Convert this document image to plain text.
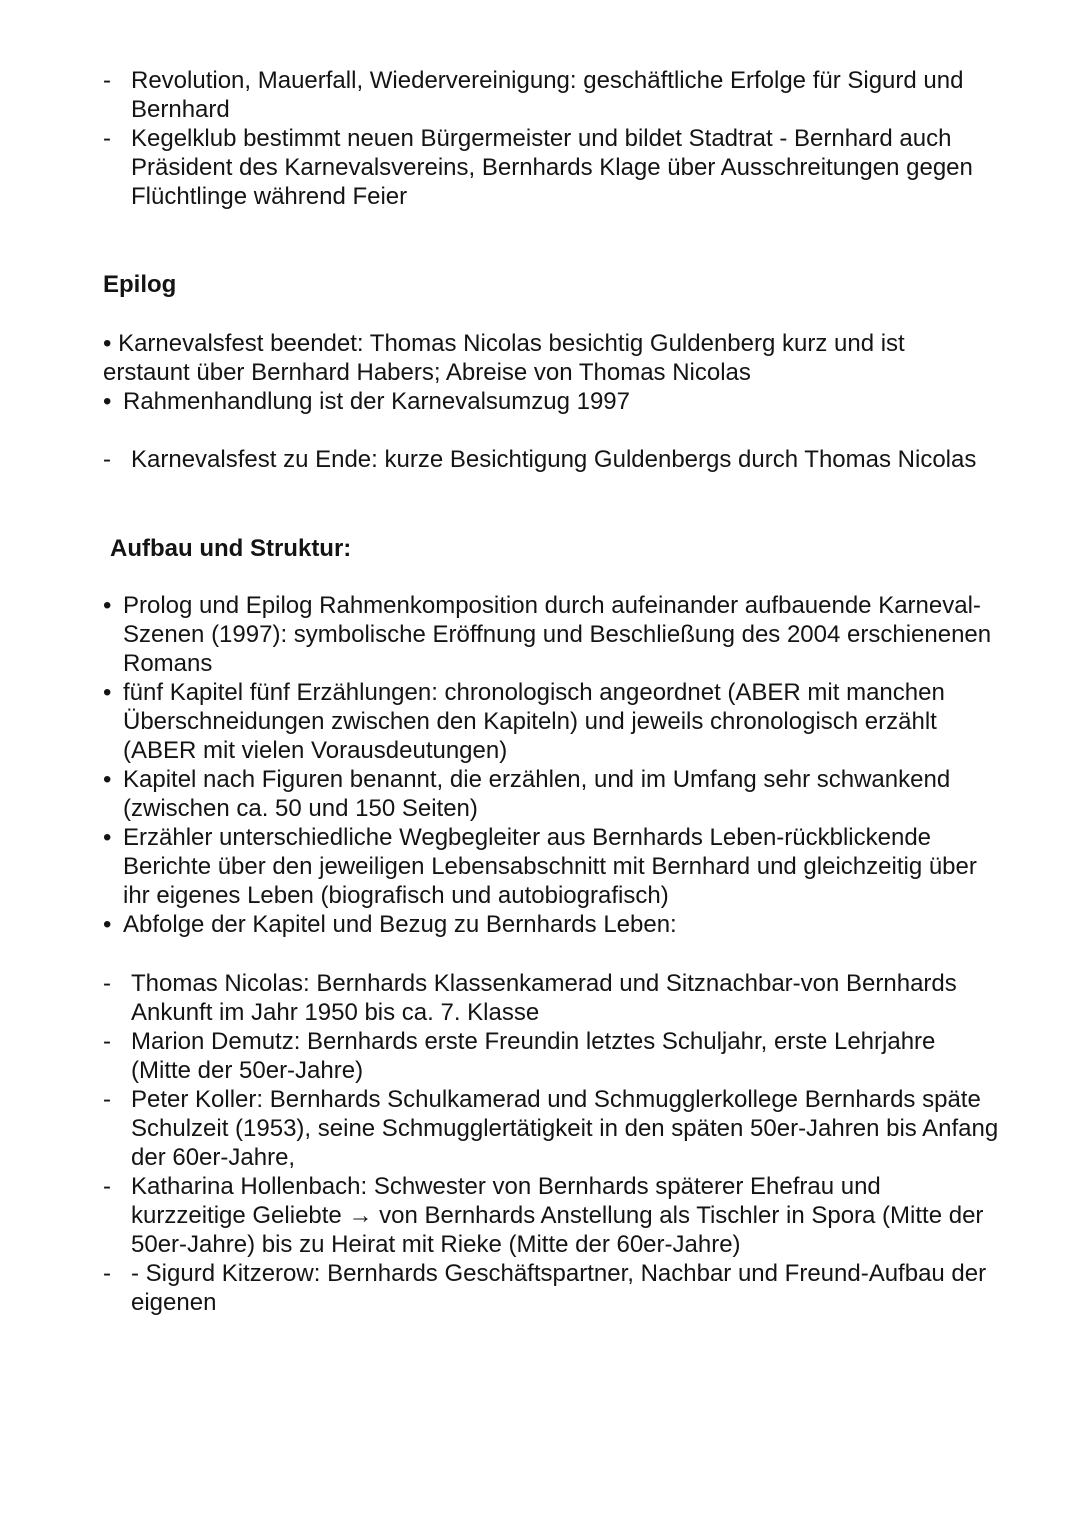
- Revolution, Mauerfall, Wiedervereinigung: geschäftliche Erfolge für Sigurd und Bernhard
- Kegelklub bestimmt neuen Bürgermeister und bildet Stadtrat - Bernhard auch Präsident des Karnevalsvereins, Bernhards Klage über Ausschreitungen gegen Flüchtlinge während Feier
Epilog
• Karnevalsfest beendet: Thomas Nicolas besichtig Guldenberg kurz und ist erstaunt über Bernhard Habers; Abreise von Thomas Nicolas
• Rahmenhandlung ist der Karnevalsumzug 1997
- Karnevalsfest zu Ende: kurze Besichtigung Guldenbergs durch Thomas Nicolas
Aufbau und Struktur:
• Prolog und Epilog Rahmenkomposition durch aufeinander aufbauende Karneval-Szenen (1997): symbolische Eröffnung und Beschließung des 2004 erschienenen Romans
• fünf Kapitel fünf Erzählungen: chronologisch angeordnet (ABER mit manchen Überschneidungen zwischen den Kapiteln) und jeweils chronologisch erzählt (ABER mit vielen Vorausdeutungen)
• Kapitel nach Figuren benannt, die erzählen, und im Umfang sehr schwankend (zwischen ca. 50 und 150 Seiten)
• Erzähler unterschiedliche Wegbegleiter aus Bernhards Leben-rückblickende Berichte über den jeweiligen Lebensabschnitt mit Bernhard und gleichzeitig über ihr eigenes Leben (biografisch und autobiografisch)
• Abfolge der Kapitel und Bezug zu Bernhards Leben:
- Thomas Nicolas: Bernhards Klassenkamerad und Sitznachbar-von Bernhards Ankunft im Jahr 1950 bis ca. 7. Klasse
- Marion Demutz: Bernhards erste Freundin letztes Schuljahr, erste Lehrjahre (Mitte der 50er-Jahre)
- Peter Koller: Bernhards Schulkamerad und Schmugglerkollege Bernhards späte Schulzeit (1953), seine Schmugglertätigkeit in den späten 50er-Jahren bis Anfang der 60er-Jahre,
- Katharina Hollenbach: Schwester von Bernhards späterer Ehefrau und kurzzeitige Geliebte → von Bernhards Anstellung als Tischler in Spora (Mitte der 50er-Jahre) bis zu Heirat mit Rieke (Mitte der 60er-Jahre)
- - Sigurd Kitzerow: Bernhards Geschäftspartner, Nachbar und Freund-Aufbau der eigenen
